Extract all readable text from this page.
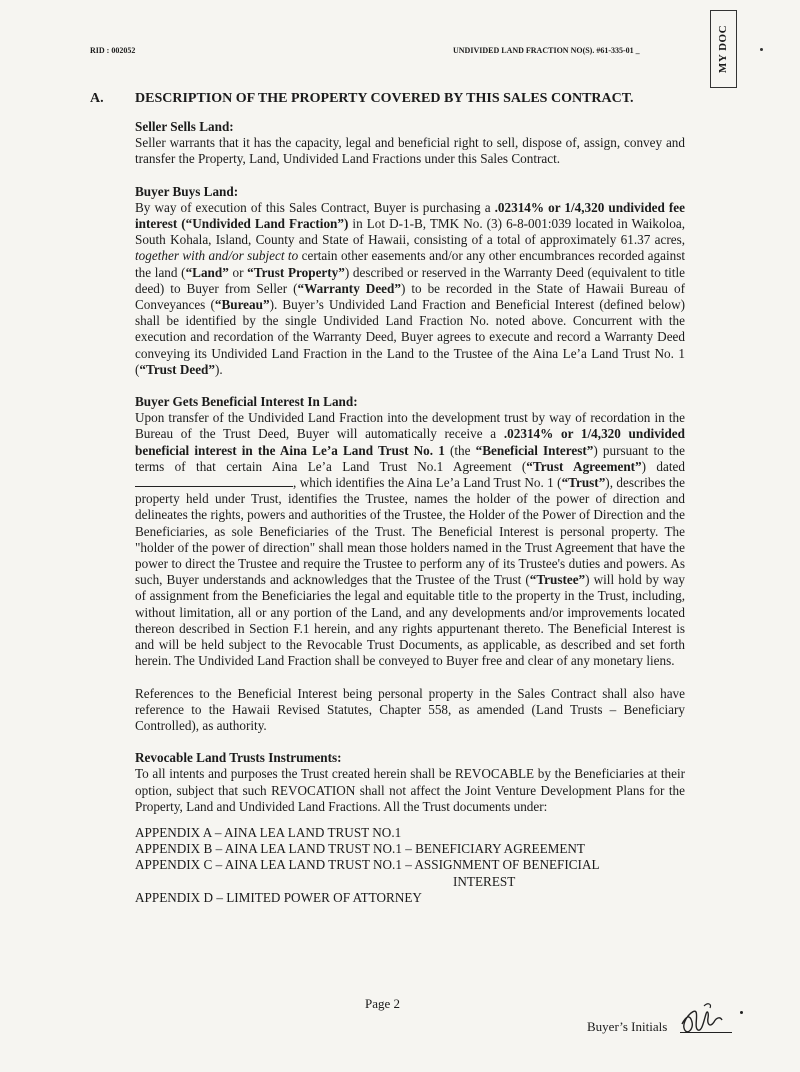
RID : 002052	UNDIVIDED LAND FRACTION NO(S). #61-335-01 _	MY DOC
A. DESCRIPTION OF THE PROPERTY COVERED BY THIS SALES CONTRACT.
Seller Sells Land:

Seller warrants that it has the capacity, legal and beneficial right to sell, dispose of, assign, convey and transfer the Property, Land, Undivided Land Fractions under this Sales Contract.

Buyer Buys Land:

By way of execution of this Sales Contract, Buyer is purchasing a .02314% or 1/4,320 undivided fee interest (“Undivided Land Fraction”) in Lot D-1-B, TMK No. (3) 6-8-001:039 located in Waikoloa, South Kohala, Island, County and State of Hawaii, consisting of a total of approximately 61.37 acres, together with and/or subject to certain other easements and/or any other encumbrances recorded against the land (“Land” or “Trust Property”) described or reserved in the Warranty Deed (equivalent to title deed) to Buyer from Seller (“Warranty Deed”) to be recorded in the State of Hawaii Bureau of Conveyances (“Bureau”). Buyer’s Undivided Land Fraction and Beneficial Interest (defined below) shall be identified by the single Undivided Land Fraction No. noted above. Concurrent with the execution and recordation of the Warranty Deed, Buyer agrees to execute and record a Warranty Deed conveying its Undivided Land Fraction in the Land to the Trustee of the Aina Le’a Land Trust No. 1 (“Trust Deed”).

Buyer Gets Beneficial Interest In Land:

Upon transfer of the Undivided Land Fraction into the development trust by way of recordation in the Bureau of the Trust Deed, Buyer will automatically receive a .02314% or 1/4,320 undivided beneficial interest in the Aina Le’a Land Trust No. 1 (the “Beneficial Interest”) pursuant to the terms of that certain Aina Le’a Land Trust No.1 Agreement (“Trust Agreement”) dated , which identifies the Aina Le’a Land Trust No. 1 (“Trust”), describes the property held under Trust, identifies the Trustee, names the holder of the power of direction and delineates the rights, powers and authorities of the Trustee, the Holder of the Power of Direction and the Beneficiaries, as sole Beneficiaries of the Trust. The Beneficial Interest is personal property. The "holder of the power of direction" shall mean those holders named in the Trust Agreement that have the power to direct the Trustee and require the Trustee to perform any of its Trustee's duties and powers. As such, Buyer understands and acknowledges that the Trustee of the Trust (“Trustee”) will hold by way of assignment from the Beneficiaries the legal and equitable title to the property in the Trust, including, without limitation, all or any portion of the Land, and any developments and/or improvements located thereon described in Section F.1 herein, and any rights appurtenant thereto. The Beneficial Interest is and will be held subject to the Revocable Trust Documents, as applicable, as described and set forth herein. The Undivided Land Fraction shall be conveyed to Buyer free and clear of any monetary liens.

References to the Beneficial Interest being personal property in the Sales Contract shall also have reference to the Hawaii Revised Statutes, Chapter 558, as amended (Land Trusts – Beneficiary Controlled), as authority.

Revocable Land Trusts Instruments:

To all intents and purposes the Trust created herein shall be REVOCABLE by the Beneficiaries at their option, subject that such REVOCATION shall not affect the Joint Venture Development Plans for the Property, Land and Undivided Land Fractions. All the Trust documents under:

APPENDIX A – AINA LEA LAND TRUST NO.1
APPENDIX B – AINA LEA LAND TRUST NO.1 – BENEFICIARY AGREEMENT
APPENDIX C – AINA LEA LAND TRUST NO.1 – ASSIGNMENT OF BENEFICIAL
INTEREST
APPENDIX D – LIMITED POWER OF ATTORNEY
Page 2
Buyer’s Initials
